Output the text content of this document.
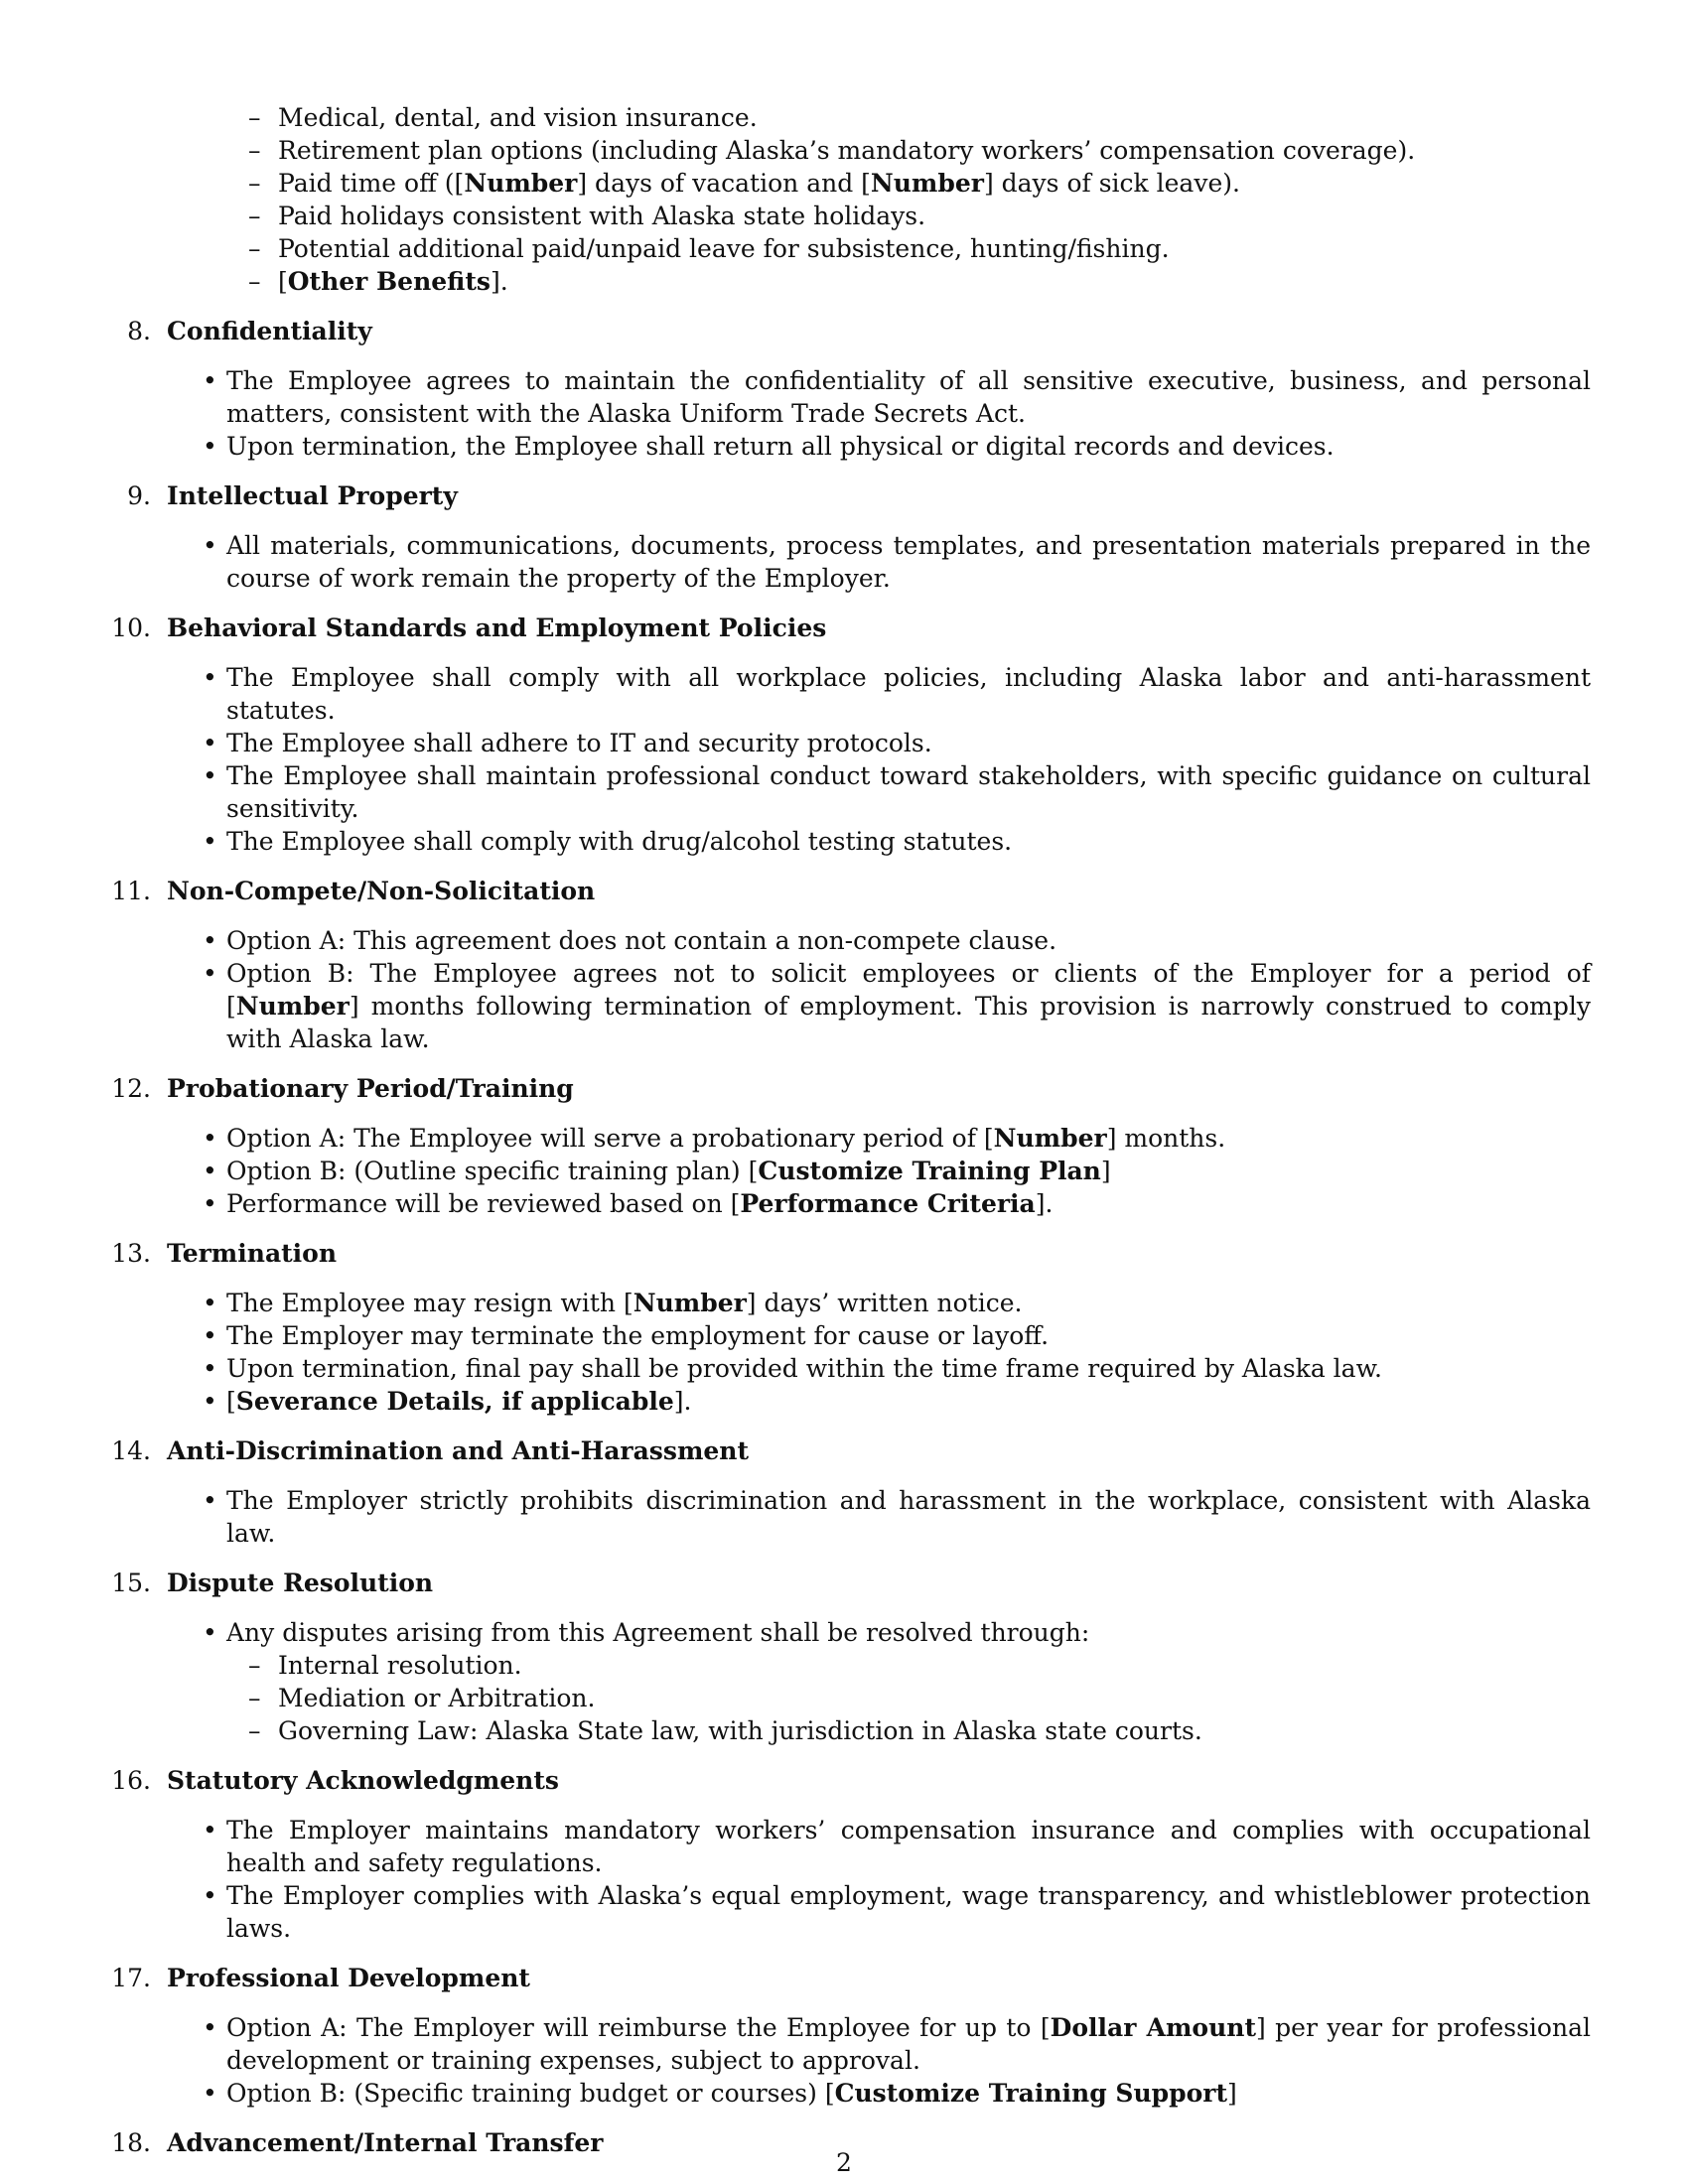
– Medical, dental, and vision insurance.
– Retirement plan options (including Alaska’s mandatory workers’ compensation coverage).
– Paid time off ([Number] days of vacation and [Number] days of sick leave).
– Paid holidays consistent with Alaska state holidays.
– Potential additional paid/unpaid leave for subsistence, hunting/fishing.
– [Other Benefits].
8. Confidentiality
• The Employee agrees to maintain the confidentiality of all sensitive executive, business, and personal matters, consistent with the Alaska Uniform Trade Secrets Act.
• Upon termination, the Employee shall return all physical or digital records and devices.
9. Intellectual Property
• All materials, communications, documents, process templates, and presentation materials prepared in the course of work remain the property of the Employer.
10. Behavioral Standards and Employment Policies
• The Employee shall comply with all workplace policies, including Alaska labor and anti-harassment statutes.
• The Employee shall adhere to IT and security protocols.
• The Employee shall maintain professional conduct toward stakeholders, with specific guidance on cultural sensitivity.
• The Employee shall comply with drug/alcohol testing statutes.
11. Non-Compete/Non-Solicitation
• Option A: This agreement does not contain a non-compete clause.
• Option B: The Employee agrees not to solicit employees or clients of the Employer for a period of [Number] months following termination of employment. This provision is narrowly construed to comply with Alaska law.
12. Probationary Period/Training
• Option A: The Employee will serve a probationary period of [Number] months.
• Option B: (Outline specific training plan) [Customize Training Plan]
• Performance will be reviewed based on [Performance Criteria].
13. Termination
• The Employee may resign with [Number] days’ written notice.
• The Employer may terminate the employment for cause or layoff.
• Upon termination, final pay shall be provided within the time frame required by Alaska law.
• [Severance Details, if applicable].
14. Anti-Discrimination and Anti-Harassment
• The Employer strictly prohibits discrimination and harassment in the workplace, consistent with Alaska law.
15. Dispute Resolution
• Any disputes arising from this Agreement shall be resolved through:
– Internal resolution.
– Mediation or Arbitration.
– Governing Law: Alaska State law, with jurisdiction in Alaska state courts.
16. Statutory Acknowledgments
• The Employer maintains mandatory workers’ compensation insurance and complies with occupational health and safety regulations.
• The Employer complies with Alaska’s equal employment, wage transparency, and whistleblower protection laws.
17. Professional Development
• Option A: The Employer will reimburse the Employee for up to [Dollar Amount] per year for professional development or training expenses, subject to approval.
• Option B: (Specific training budget or courses) [Customize Training Support]
18. Advancement/Internal Transfer
2
